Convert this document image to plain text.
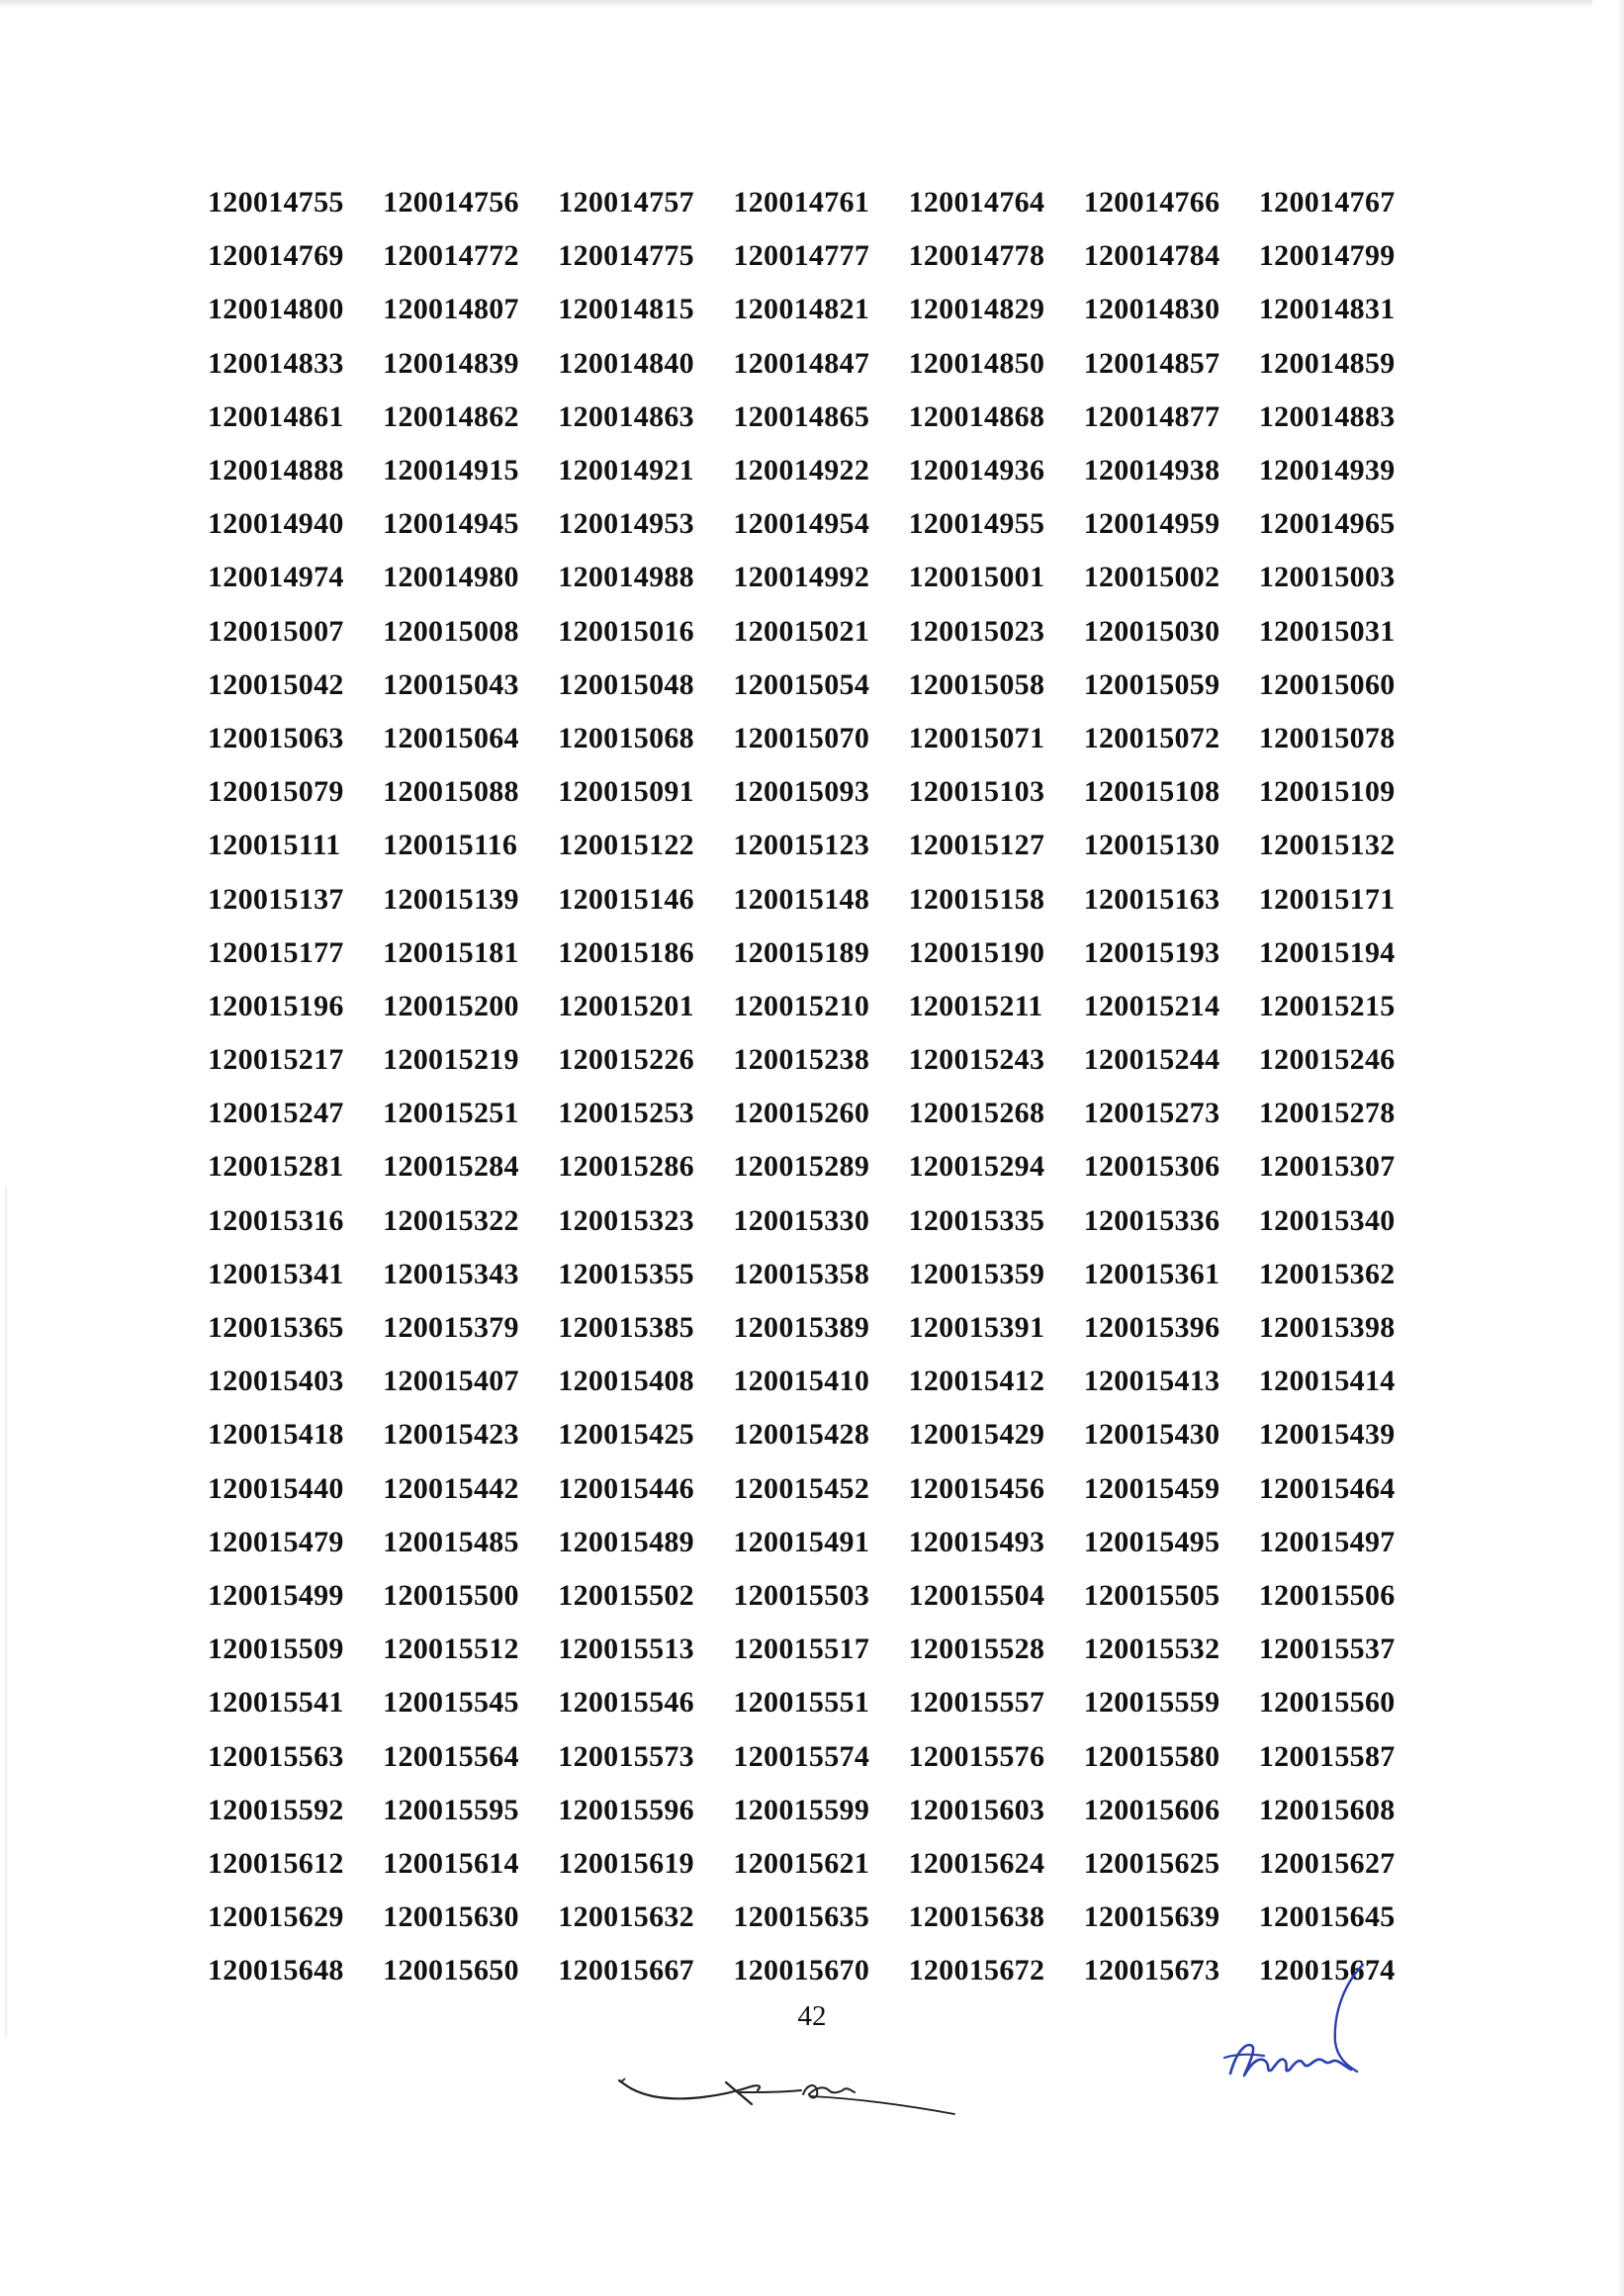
120014755	120014756	120014757	120014761	120014764	120014766	120014767
120014769	120014772	120014775	120014777	120014778	120014784	120014799
120014800	120014807	120014815	120014821	120014829	120014830	120014831
120014833	120014839	120014840	120014847	120014850	120014857	120014859
120014861	120014862	120014863	120014865	120014868	120014877	120014883
120014888	120014915	120014921	120014922	120014936	120014938	120014939
120014940	120014945	120014953	120014954	120014955	120014959	120014965
120014974	120014980	120014988	120014992	120015001	120015002	120015003
120015007	120015008	120015016	120015021	120015023	120015030	120015031
120015042	120015043	120015048	120015054	120015058	120015059	120015060
120015063	120015064	120015068	120015070	120015071	120015072	120015078
120015079	120015088	120015091	120015093	120015103	120015108	120015109
120015111	120015116	120015122	120015123	120015127	120015130	120015132
120015137	120015139	120015146	120015148	120015158	120015163	120015171
120015177	120015181	120015186	120015189	120015190	120015193	120015194
120015196	120015200	120015201	120015210	120015211	120015214	120015215
120015217	120015219	120015226	120015238	120015243	120015244	120015246
120015247	120015251	120015253	120015260	120015268	120015273	120015278
120015281	120015284	120015286	120015289	120015294	120015306	120015307
120015316	120015322	120015323	120015330	120015335	120015336	120015340
120015341	120015343	120015355	120015358	120015359	120015361	120015362
120015365	120015379	120015385	120015389	120015391	120015396	120015398
120015403	120015407	120015408	120015410	120015412	120015413	120015414
120015418	120015423	120015425	120015428	120015429	120015430	120015439
120015440	120015442	120015446	120015452	120015456	120015459	120015464
120015479	120015485	120015489	120015491	120015493	120015495	120015497
120015499	120015500	120015502	120015503	120015504	120015505	120015506
120015509	120015512	120015513	120015517	120015528	120015532	120015537
120015541	120015545	120015546	120015551	120015557	120015559	120015560
120015563	120015564	120015573	120015574	120015576	120015580	120015587
120015592	120015595	120015596	120015599	120015603	120015606	120015608
120015612	120015614	120015619	120015621	120015624	120015625	120015627
120015629	120015630	120015632	120015635	120015638	120015639	120015645
120015648	120015650	120015667	120015670	120015672	120015673	120015674
42
